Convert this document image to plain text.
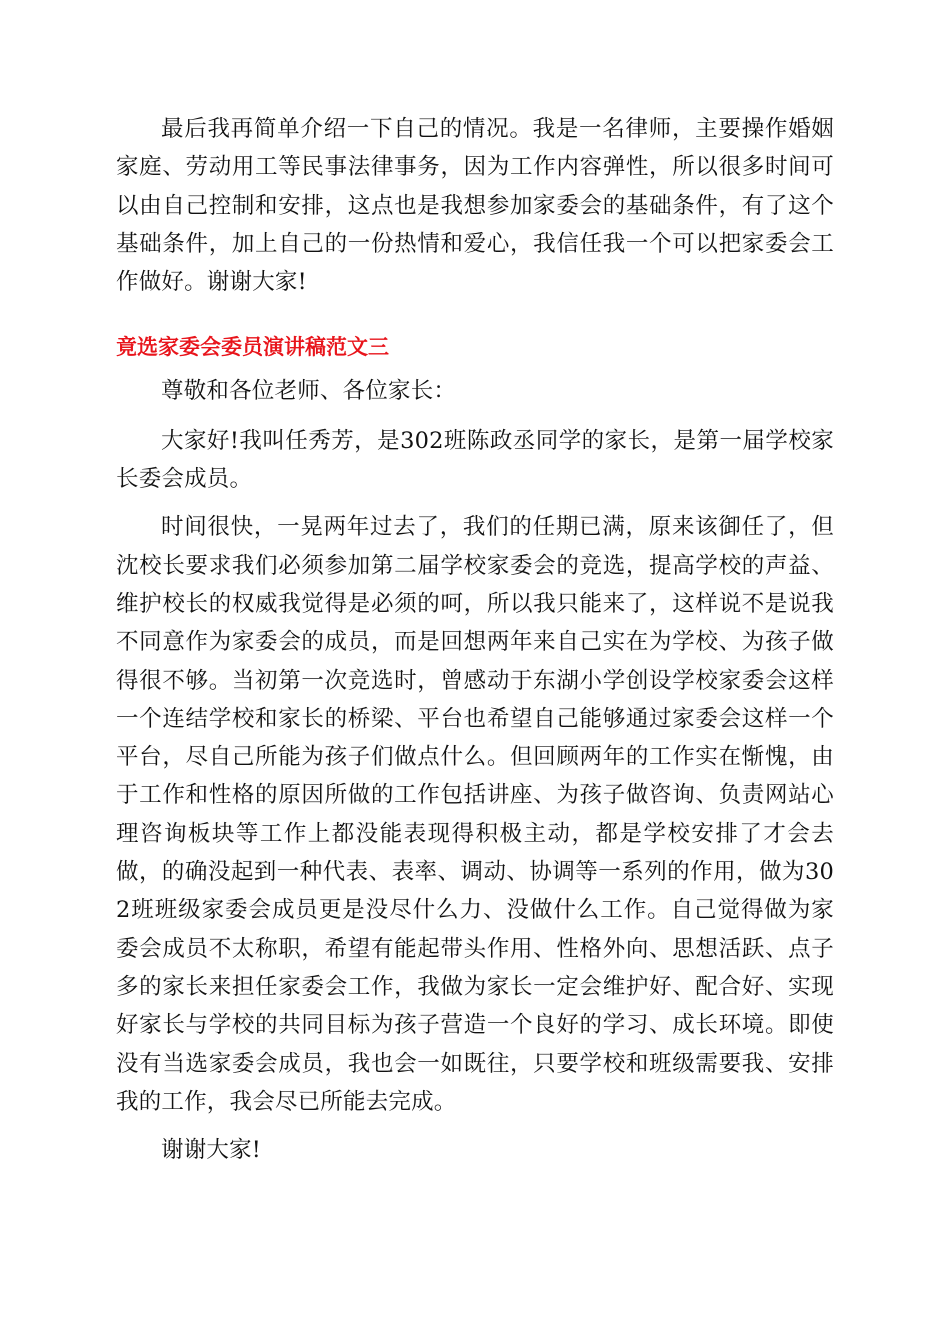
最后我再简单介绍一下自己的情况。我是一名律师，主要操作婚姻家庭、劳动用工等民事法律事务，因为工作内容弹性，所以很多时间可以由自己控制和安排，这点也是我想参加家委会的基础条件，有了这个基础条件，加上自己的一份热情和爱心，我信任我一个可以把家委会工作做好。谢谢大家!

竟选家委会委员演讲稿范文三

尊敬和各位老师、各位家长：

大家好!我叫任秀芳，是302班陈政丞同学的家长，是第一届学校家长委会成员。

时间很快，一晃两年过去了，我们的任期已满，原来该御任了，但沈校长要求我们必须参加第二届学校家委会的竞选，提高学校的声益、维护校长的权威我觉得是必须的呵，所以我只能来了，这样说不是说我不同意作为家委会的成员，而是回想两年来自己实在为学校、为孩子做得很不够。当初第一次竞选时，曾感动于东湖小学创设学校家委会这样一个连结学校和家长的桥梁、平台也希望自己能够通过家委会这样一个平台，尽自己所能为孩子们做点什么。但回顾两年的工作实在惭愧，由于工作和性格的原因所做的工作包括讲座、为孩子做咨询、负责网站心理咨询板块等工作上都没能表现得积极主动，都是学校安排了才会去做，的确没起到一种代表、表率、调动、协调等一系列的作用，做为302班班级家委会成员更是没尽什么力、没做什么工作。自己觉得做为家委会成员不太称职，希望有能起带头作用、性格外向、思想活跃、点子多的家长来担任家委会工作，我做为家长一定会维护好、配合好、实现好家长与学校的共同目标为孩子营造一个良好的学习、成长环境。即使没有当选家委会成员，我也会一如既往，只要学校和班级需要我、安排我的工作，我会尽已所能去完成。

谢谢大家!
